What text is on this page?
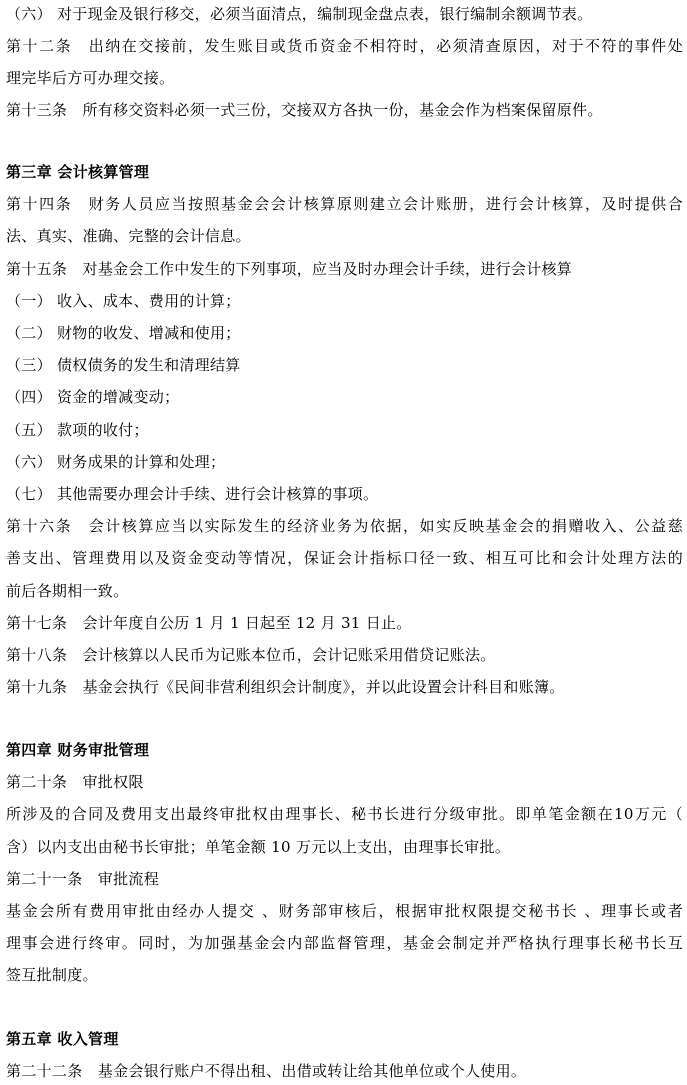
（六） 对于现金及银行移交，必须当面清点，编制现金盘点表，银行编制余额调节表。
第十二条　出纳在交接前，发生账目或货币资金不相符时，必须清查原因，对于不符的事件处
理完毕后方可办理交接。
第十三条　所有移交资料必须一式三份，交接双方各执一份，基金会作为档案保留原件。
第三章 会计核算管理
第十四条　财务人员应当按照基金会会计核算原则建立会计账册，进行会计核算，及时提供合
法、真实、准确、完整的会计信息。
第十五条　对基金会工作中发生的下列事项，应当及时办理会计手续，进行会计核算
（一） 收入、成本、费用的计算；
（二） 财物的收发、增减和使用；
（三） 债权债务的发生和清理结算
（四） 资金的增减变动；
（五） 款项的收付；
（六） 财务成果的计算和处理；
（七） 其他需要办理会计手续、进行会计核算的事项。
第十六条　会计核算应当以实际发生的经济业务为依据，如实反映基金会的捐赠收入、公益慈
善支出、管理费用以及资金变动等情况，保证会计指标口径一致、相互可比和会计处理方法的
前后各期相一致。
第十七条　会计年度自公历 1 月 1 日起至 12 月 31 日止。
第十八条　会计核算以人民币为记账本位币，会计记账采用借贷记账法。
第十九条　基金会执行《民间非营利组织会计制度》，并以此设置会计科目和账簿。
第四章 财务审批管理
第二十条　审批权限
所涉及的合同及费用支出最终审批权由理事长、秘书长进行分级审批。即单笔金额在10万元（
含）以内支出由秘书长审批；单笔金额 10 万元以上支出，由理事长审批。
第二十一条　审批流程
基金会所有费用审批由经办人提交 、财务部审核后，根据审批权限提交秘书长 、理事长或者
理事会进行终审。同时，为加强基金会内部监督管理，基金会制定并严格执行理事长秘书长互
签互批制度。
第五章 收入管理
第二十二条　基金会银行账户不得出租、出借或转让给其他单位或个人使用。
